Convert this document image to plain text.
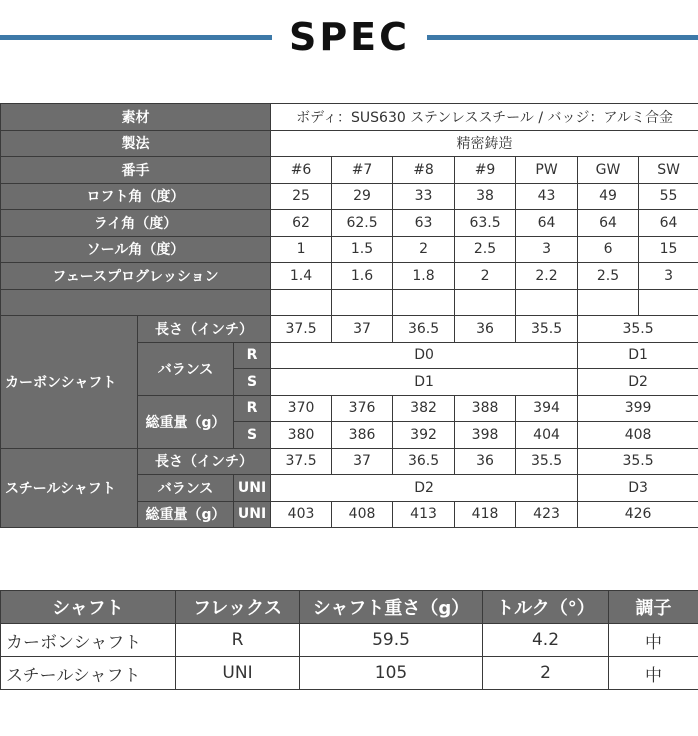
SPEC
素材			ボディ：SUS630 ステンレススチール / バッジ：アルミ合金						
製法			精密鋳造						
番手			#6	#7	#8	#9	PW	GW	SW
ロフト角（度）			25	29	33	38	43	49	55
ライ角（度）			62	62.5	63	63.5	64	64	64
ソール角（度）			1	1.5	2	2.5	3	6	15
フェースプログレッション			1.4	1.6	1.8	2	2.2	2.5	3

カーボンシャフト	長さ（インチ）		37.5	37	36.5	36	35.5	35.5	
	バランス	R	D0					D1	
		S	D1					D2	
	総重量（g）	R	370	376	382	388	394	399	
		S	380	386	392	398	404	408	
スチールシャフト	長さ（インチ）		37.5	37	36.5	36	35.5	35.5	
	バランス	UNI	D2					D3	
	総重量（g）	UNI	403	408	413	418	423	426	
シャフト	フレックス	シャフト重さ（g）	トルク（°）	調子
カーボンシャフト	R	59.5	4.2	中
スチールシャフト	UNI	105	2	中
